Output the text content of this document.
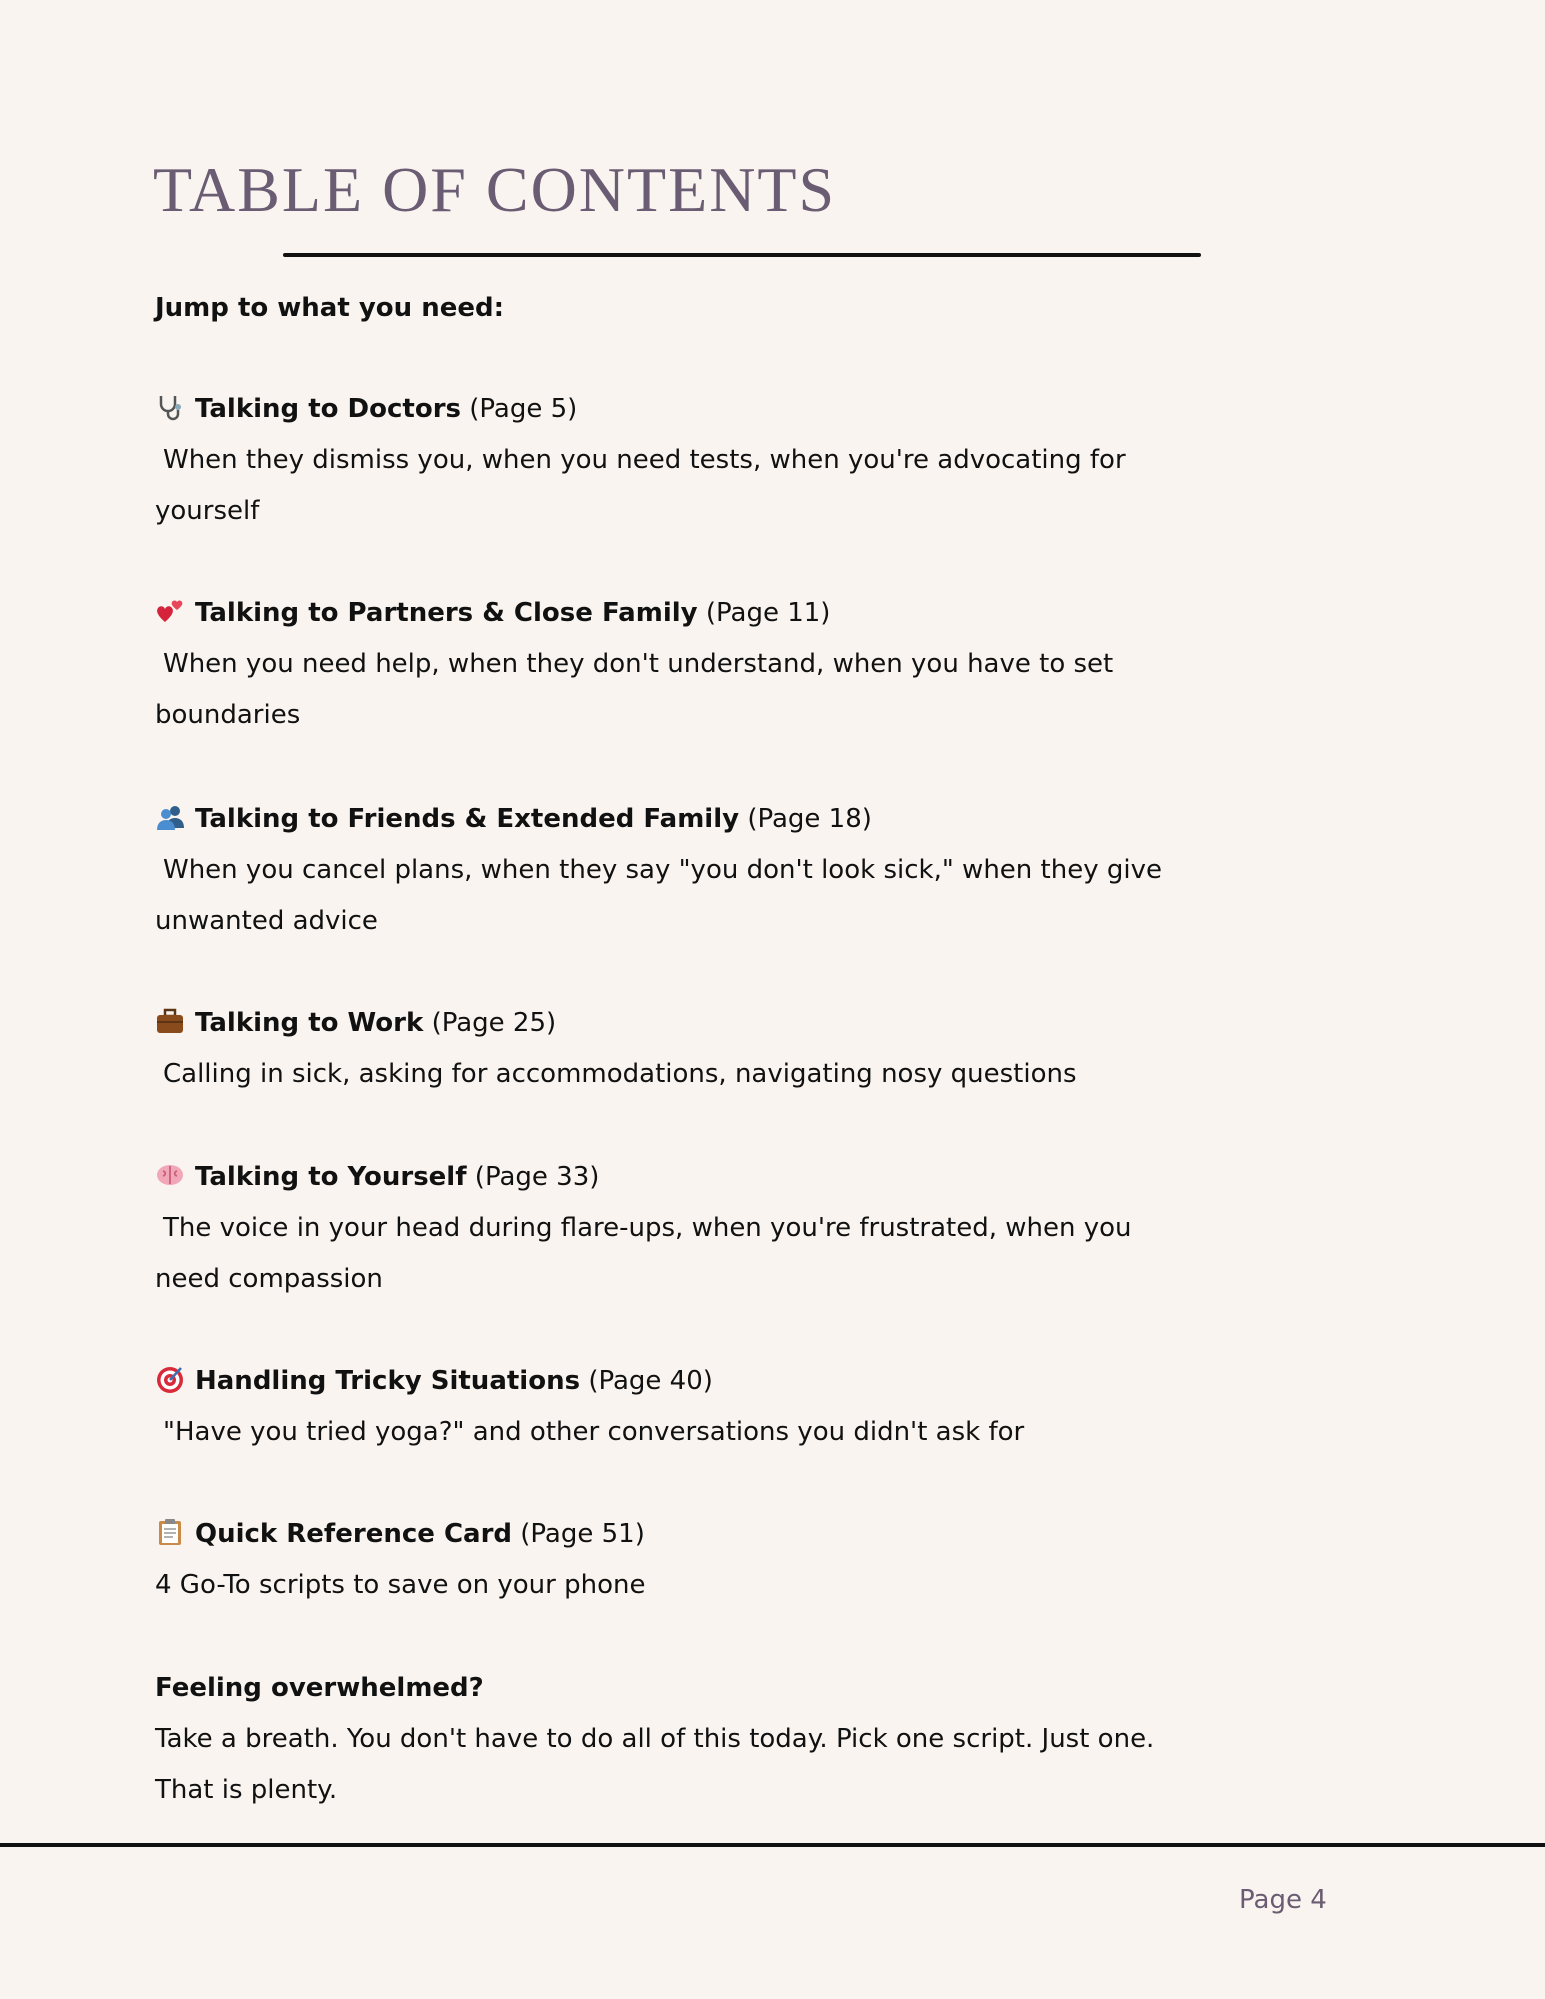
TABLE OF CONTENTS
Jump to what you need:
Talking to Doctors (Page 5)
When they dismiss you, when you need tests, when you're advocating for
yourself
Talking to Partners & Close Family (Page 11)
When you need help, when they don't understand, when you have to set
boundaries
Talking to Friends & Extended Family (Page 18)
When you cancel plans, when they say "you don't look sick," when they give
unwanted advice
Talking to Work (Page 25)
Calling in sick, asking for accommodations, navigating nosy questions
Talking to Yourself (Page 33)
The voice in your head during flare-ups, when you're frustrated, when you
need compassion
Handling Tricky Situations (Page 40)
"Have you tried yoga?" and other conversations you didn't ask for
Quick Reference Card (Page 51)
4 Go-To scripts to save on your phone
Feeling overwhelmed?
Take a breath. You don't have to do all of this today. Pick one script. Just one.
That is plenty.
Page 4
